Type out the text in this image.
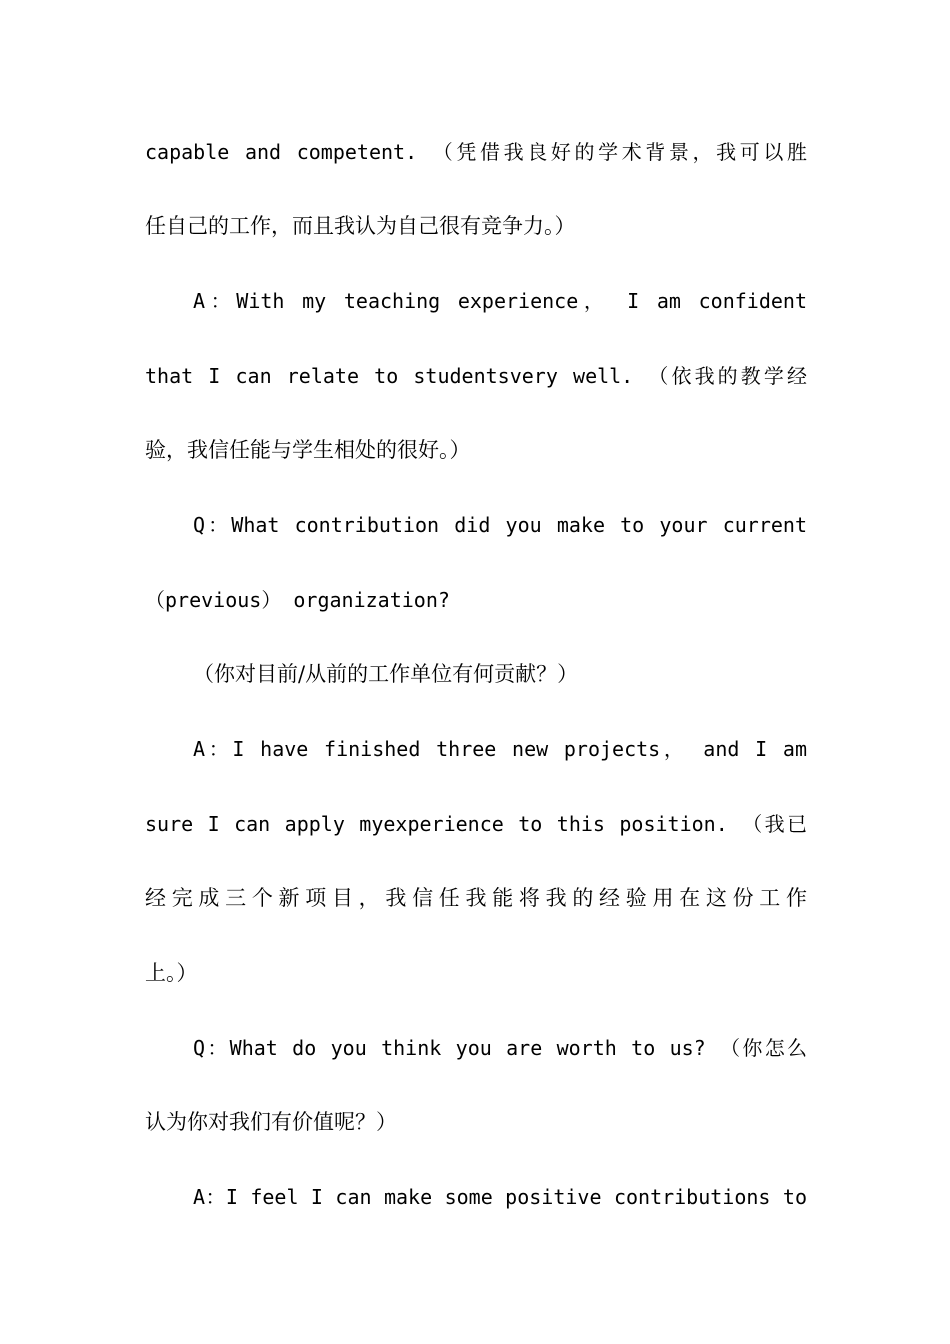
capable and competent. （凭借我良好的学术背景，我可以胜
任自己的工作，而且我认为自己很有竞争力。）
A：With my teaching experience， I am confident
that I can relate to studentsvery well. （依我的教学经
验，我信任能与学生相处的很好。）
Q：What contribution did you make to your current
（previous） organization?
（你对目前/从前的工作单位有何贡献？）
A：I have finished three new projects， and I am
sure I can apply myexperience to this position. （我已
经完成三个新项目，我信任我能将我的经验用在这份工作
上。）
Q：What do you think you are worth to us? （你怎么
认为你对我们有价值呢？）
A：I feel I can make some positive contributions to
